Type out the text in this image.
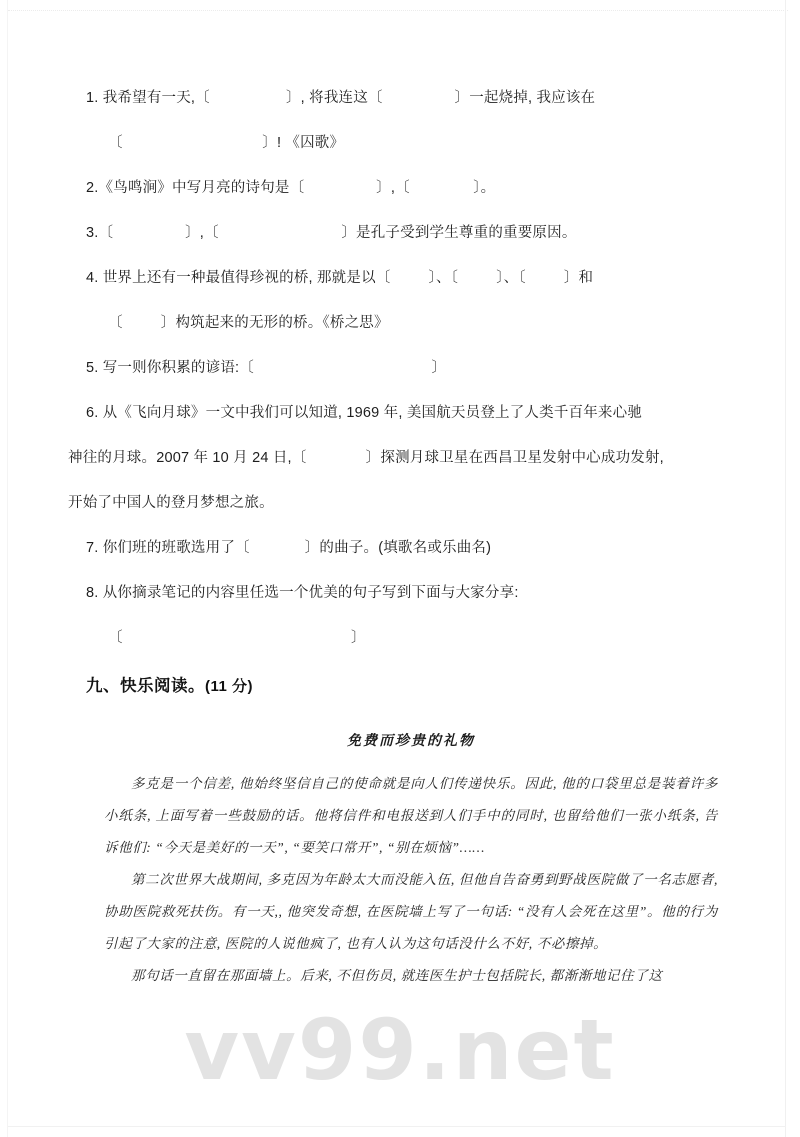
1. 我希望有一天,〔                  〕, 将我连这〔                 〕一起烧掉, 我应该在
〔                                 〕! 《囚歌》
2.《鸟鸣涧》中写月亮的诗句是〔                 〕,〔               〕。
3.〔                 〕,〔                             〕是孔子受到学生尊重的重要原因。
4. 世界上还有一种最值得珍视的桥, 那就是以〔         〕、〔         〕、〔         〕和
〔         〕构筑起来的无形的桥。《桥之思》
5. 写一则你积累的谚语:〔                                          〕
6. 从《飞向月球》一文中我们可以知道, 1969 年, 美国航天员登上了人类千百年来心驰
神往的月球。2007 年 10 月 24 日,〔              〕探测月球卫星在西昌卫星发射中心成功发射,
开始了中国人的登月梦想之旅。
7. 你们班的班歌选用了〔             〕的曲子。(填歌名或乐曲名)
8. 从你摘录笔记的内容里任选一个优美的句子写到下面与大家分享:
〔                                                      〕
九、快乐阅读。(11 分)
免费而珍贵的礼物

多克是一个信差, 他始终坚信自己的使命就是向人们传递快乐。因此, 他的口袋里总是装着许多小纸条, 上面写着一些鼓励的话。他将信件和电报送到人们手中的同时, 也留给他们一张小纸条, 告诉他们: “今天是美好的一天”, “要笑口常开”, “别在烦恼”……

第二次世界大战期间, 多克因为年龄太大而没能入伍, 但他自告奋勇到野战医院做了一名志愿者, 协助医院救死扶伤。有一天,, 他突发奇想, 在医院墙上写了一句话: “没有人会死在这里”。他的行为引起了大家的注意, 医院的人说他疯了, 也有人认为这句话没什么不好, 不必擦掉。

那句话一直留在那面墙上。后来, 不但伤员, 就连医生护士包括院长, 都渐渐地记住了这

vv99.net
